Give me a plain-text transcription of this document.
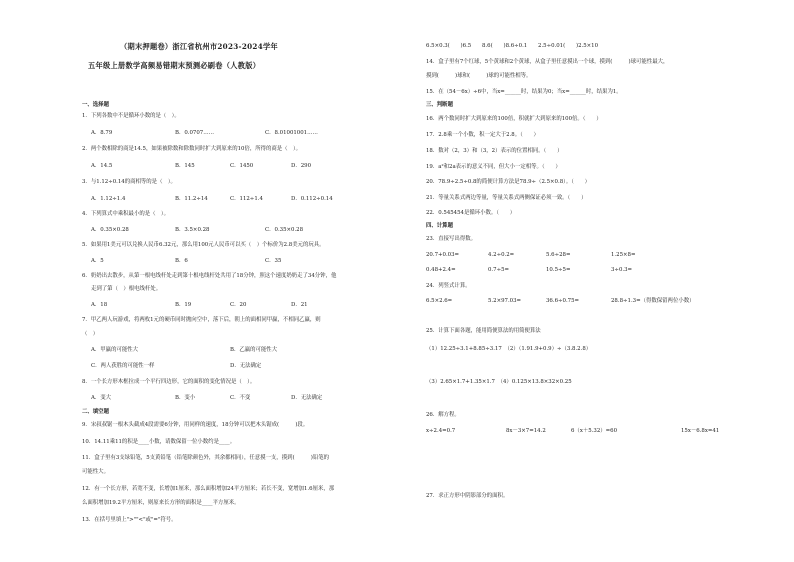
（期末押题卷）浙江省杭州市2023-2024学年
五年级上册数学高频易错期末预测必刷卷（人教版）
一、选择题
1．下列各数中不是循环小数的是（　）。
A．8.79	B．0.0707……	C．8.01001001……
2．两个数相除的商是14.5，如果被除数和除数同时扩大到原来的10倍，所得的商是（　）。
A．14.5	B．145	C．1450	D．290
3．与1.12÷0.14的商相等的是（　）。
A．1.12÷1.4	B．11.2÷14	C．112÷1.4	D．0.112÷0.14
4．下列算式中乘积最小的是（　）。
A．0.35×0.28	B．3.5×0.28	C．0.35×0.28
5．如果用1美元可以兑换人民币6.32元，那么用100元人民币可以买（　）个标价为2.8美元的玩具。
A．5	B．6	C．35
6．奶奶出去散步，从第一根电线杆处走到第十根电线杆处共用了18分钟，照这个速度奶奶走了34分钟，他
走到了第（　）根电线杆处。
A．18	B．19	C．20	D．21
7．甲乙两人玩游戏，将两枚1元的硬币同时抛向空中，落下后，朝上的面相同甲赢，不相同乙赢，则
（　）
A．甲赢的可能性大	B．乙赢的可能性大
C．两人获胜的可能性一样	D．无法确定
8．一个长方形木框拉成一个平行四边形，它的面积的变化情况是（　）。
A．变大	B．变小	C．不变	D．无法确定
二、填空题
9．宋叔叔锯一根木头截成4段需要6分钟，用同样的速度，18分钟可以把木头锯成(　　　)段。
10．14.11乘11的积是____小数，请数保留一位小数约是____。
11．盒子里有3支绿铅笔，5支黄铅笔（铅笔除颜色外，其余都相同），任意摸一支，摸到(　　　)铅笔的
可能性大。
12．有一个长方形，若宽不变，长增加1厘米，那么面积增加24平方厘米；若长不变，宽增加1.6厘米，那
么面积增加19.2平方厘米，则原来长方形的面积是____平方厘米。
13．在括号里填上">""<"或"="符号。
6.5×0.3(　　)6.5　　8.6(　　)8.6÷0.1　　2.5÷0.01(　　)2.5×10
14．盒子里有7个红球，5个黄球和2个黄球，从盒子里任意摸出一个球，摸到(　　　)球可能性最大，
摸到(　　　)球和(　　　)球的可能性相等。
15．在（54－6x）÷6中，当x=______时，结果为0；当x=______时，结果为1。
三、判断题
16．两个数同时扩大到原来的100倍，积就扩大到原来的100倍。（　　）
17．2.8乘一个小数，积一定大于2.8。（　　）
18．数对（2，3）和（3，2）表示的位置相同。（　　）
19．a²和2a表示的意义不同，但大小一定相等。（　　）
20．78.9÷2.5÷0.8的简便计算方法是78.9÷（2.5×0.8）。（　　）
21．等量关系式两边等量，等量关系式两侧保证必须一致。（　　）
22．0.545454是循环小数。（　　）
四、计算题
23．直接写出得数。
20.7+0.03=	4.2÷0.2=	5.6÷28=	1.25×8=
0.48+2.4=	0.7÷5=	10.5÷5=	3÷0.3=
24．列竖式计算。
6.5×2.6=	5.2×97.03=	36.6÷0.75=	28.8÷1.3=（得数保留两位小数）
25．计算下面各题，能用简便算法的用简便算法
（1）12.25÷3.1+8.85÷3.17　（2）（1.91.9+0.9）÷（3.8.2.8）
（3）2.65×1.7+1.35×1.7　（4）0.125×13.8×32×0.25
26．解方程。
x÷2.4=0.7	8x－3×7=14.2	6（x＋5.32）=60	15x－6.8x=41
27．求正方形中阴影部分的面积。
